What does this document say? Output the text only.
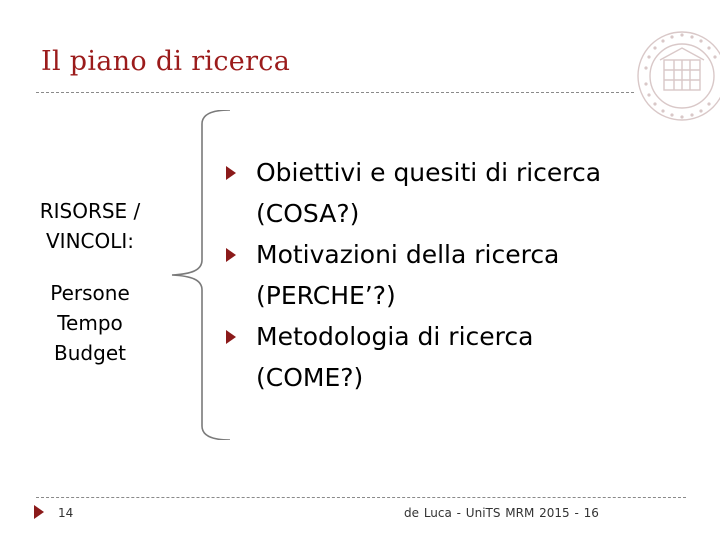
Il piano di ricerca
RISORSE /
VINCOLI:
Persone
Tempo
Budget
Obiettivi e quesiti di ricerca
(COSA?)
Motivazioni della ricerca
(PERCHE’?)
Metodologia di ricerca
(COME?)
14	de Luca - UniTS MRM 2015 - 16
